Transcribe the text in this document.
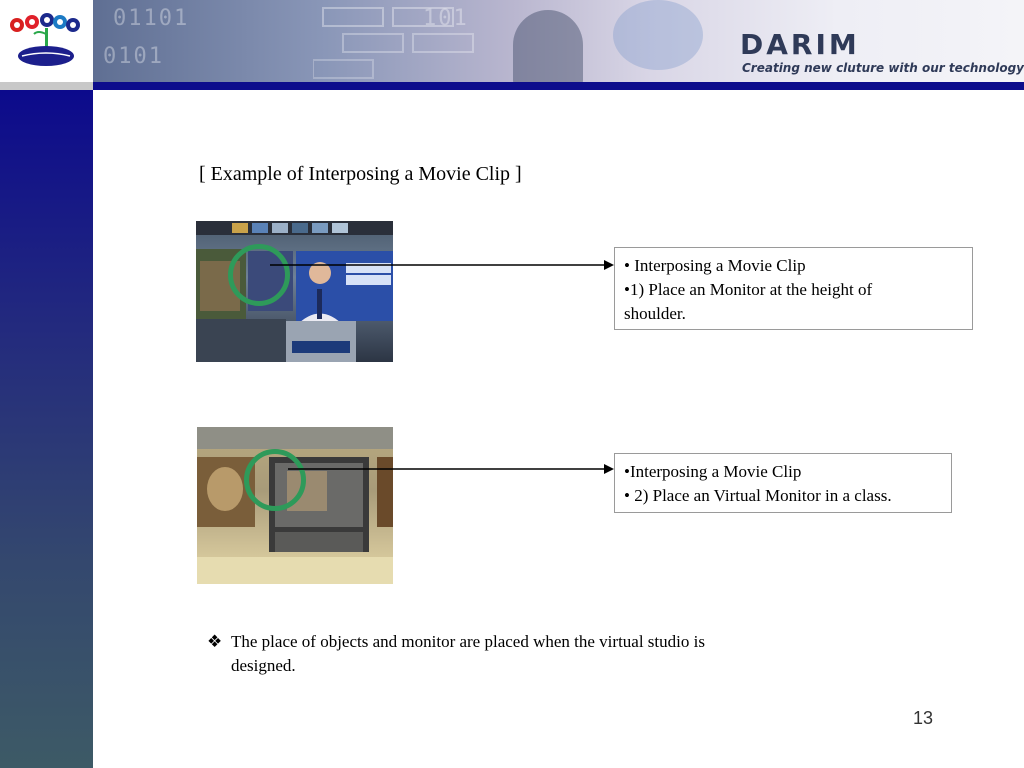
01101
0101
101
DARIM
Creating new cluture with our technology
[ Example of Interposing a Movie Clip ]
• Interposing a Movie Clip
•1) Place an Monitor at the height of
shoulder.
•Interposing a Movie Clip
• 2) Place an Virtual Monitor in a class.
❖ The place of objects and monitor are placed when the virtual studio is
designed.
13
